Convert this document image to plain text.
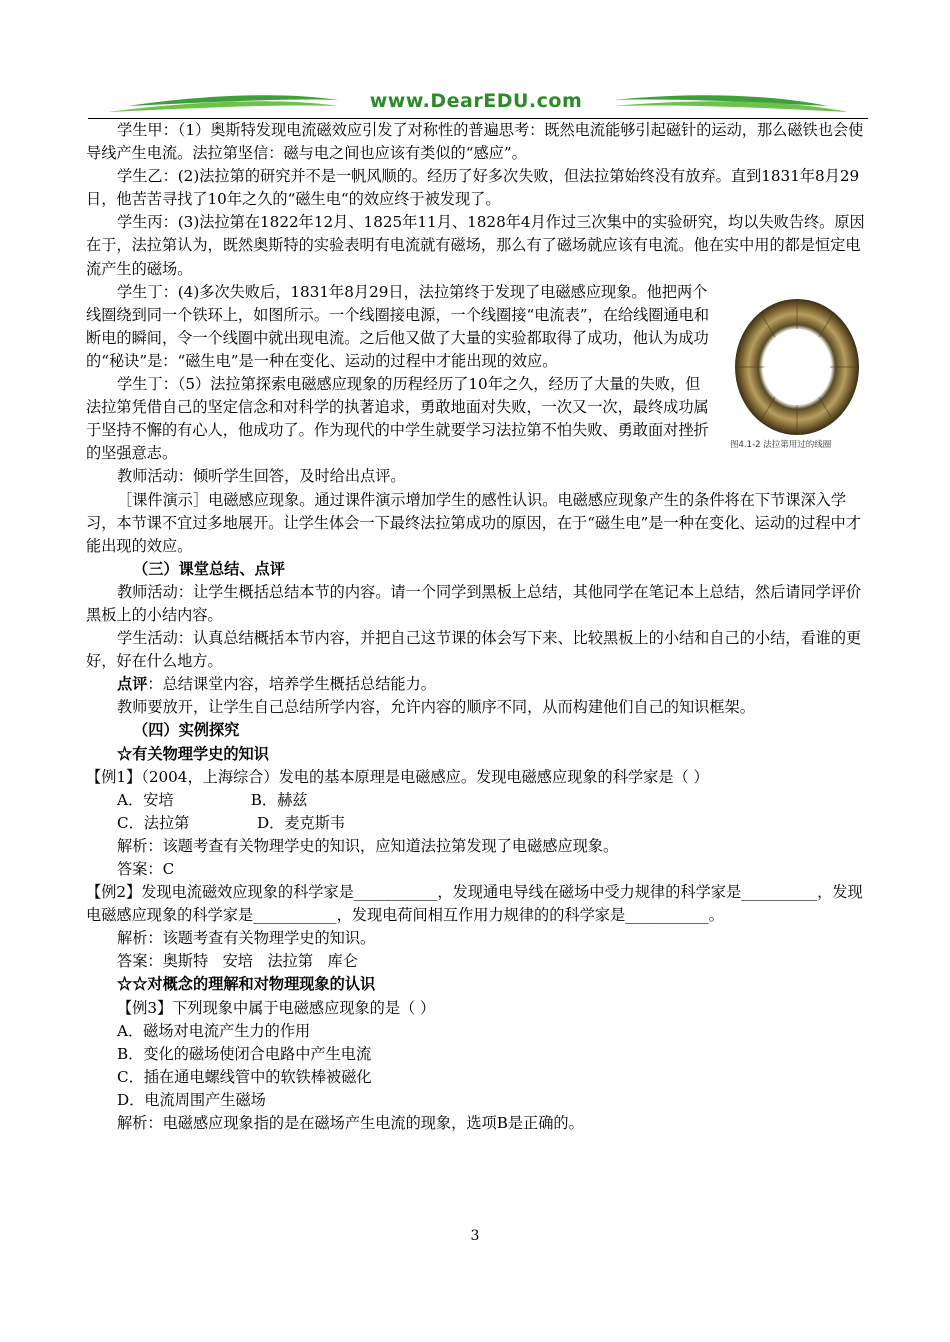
www.DearEDU.com

学生甲：（1）奥斯特发现电流磁效应引发了对称性的普遍思考：既然电流能够引起磁针的运动，那么磁铁也会使导线产生电流。法拉第坚信：磁与电之间也应该有类似的“感应”。

学生乙：(2)法拉第的研究并不是一帆风顺的。经历了好多次失败，但法拉第始终没有放弃。直到1831年8月29日，他苦苦寻找了10年之久的“磁生电“的效应终于被发现了。

学生丙：(3)法拉第在1822年12月、1825年11月、1828年4月作过三次集中的实验研究，均以失败告终。原因在于，法拉第认为，既然奥斯特的实验表明有电流就有磁场，那么有了磁场就应该有电流。他在实中用的都是恒定电流产生的磁场。

学生丁：(4)多次失败后，1831年8月29日，法拉第终于发现了电磁感应现象。他把两个线圈绕到同一个铁环上，如图所示。一个线圈接电源，一个线圈接“电流表”，在给线圈通电和断电的瞬间，令一个线圈中就出现电流。之后他又做了大量的实验都取得了成功，他认为成功的“秘诀”是：“磁生电”是一种在变化、运动的过程中才能出现的效应。

学生丁：（5）法拉第探索电磁感应现象的历程经历了10年之久，经历了大量的失败，但法拉第凭借自己的坚定信念和对科学的执著追求，勇敢地面对失败，一次又一次，最终成功属于坚持不懈的有心人，他成功了。作为现代的中学生就要学习法拉第不怕失败、勇敢面对挫折的坚强意志。

教师活动：倾听学生回答，及时给出点评。

［课件演示］电磁感应现象。通过课件演示增加学生的感性认识。电磁感应现象产生的条件将在下节课深入学习，本节课不宜过多地展开。让学生体会一下最终法拉第成功的原因，在于“磁生电”是一种在变化、运动的过程中才能出现的效应。

（三）课堂总结、点评

教师活动：让学生概括总结本节的内容。请一个同学到黑板上总结，其他同学在笔记本上总结，然后请同学评价黑板上的小结内容。

学生活动：认真总结概括本节内容，并把自己这节课的体会写下来、比较黑板上的小结和自己的小结，看谁的更好，好在什么地方。

点评：总结课堂内容，培养学生概括总结能力。

教师要放开，让学生自己总结所学内容，允许内容的顺序不同，从而构建他们自己的知识框架。

（四）实例探究

☆有关物理学史的知识

【例1】（2004，上海综合）发电的基本原理是电磁感应。发现电磁感应现象的科学家是（ ）

A．安培                B．赫兹

C．法拉第              D．麦克斯韦

解析：该题考查有关物理学史的知识，应知道法拉第发现了电磁感应现象。

答案：C

【例2】发现电流磁效应现象的科学家是___________，发现通电导线在磁场中受力规律的科学家是__________，发现电磁感应现象的科学家是___________，发现电荷间相互作用力规律的的科学家是___________。

解析：该题考查有关物理学史的知识。

答案：奥斯特   安培   法拉第   库仑

☆☆对概念的理解和对物理现象的认识

【例3】下列现象中属于电磁感应现象的是（ ）

A．磁场对电流产生力的作用

B．变化的磁场使闭合电路中产生电流

C．插在通电螺线管中的软铁棒被磁化

D．电流周围产生磁场

解析：电磁感应现象指的是在磁场产生电流的现象，选项B是正确的。

图4.1-2 法拉第用过的线圈
3
